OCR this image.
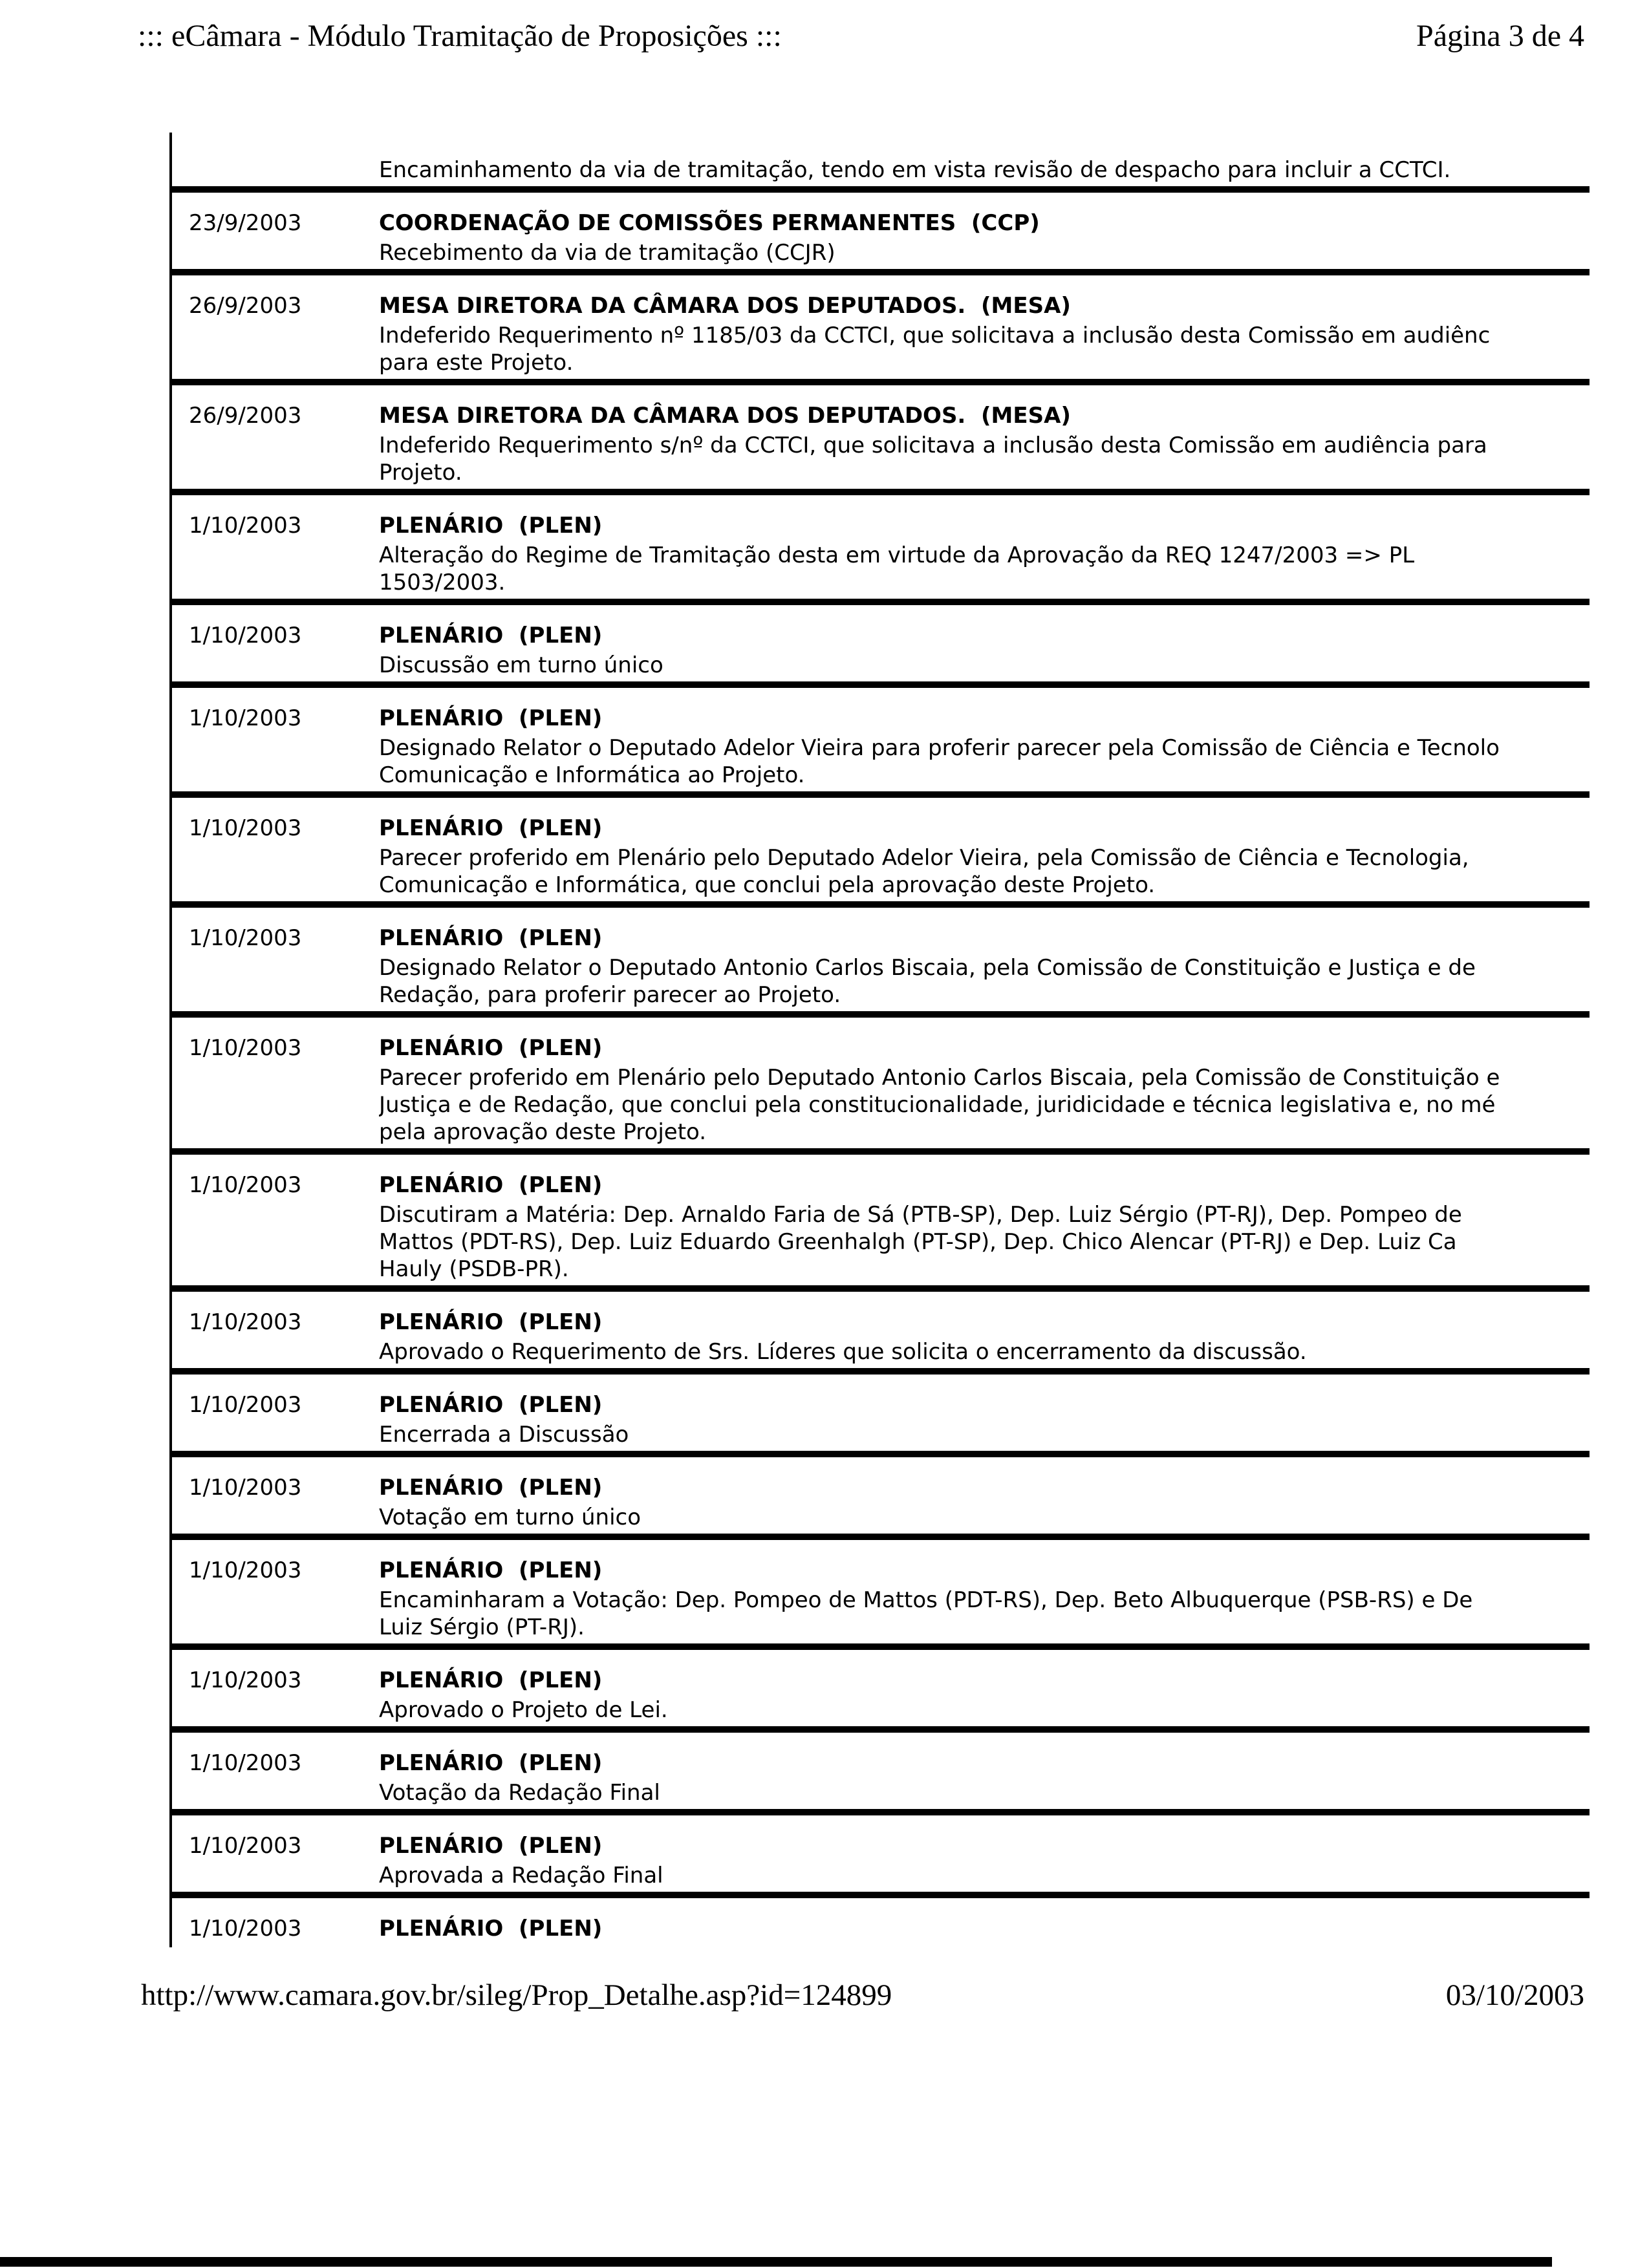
::: eCâmara - Módulo Tramitação de Proposições :::	Página 3 de 4
Encaminhamento da via de tramitação, tendo em vista revisão de despacho para incluir a CCTCI.
23/9/2003	COORDENAÇÃO DE COMISSÕES PERMANENTES  (CCP)
Recebimento da via de tramitação (CCJR)
26/9/2003	MESA DIRETORA DA CÂMARA DOS DEPUTADOS.  (MESA)
Indeferido Requerimento nº 1185/03 da CCTCI, que solicitava a inclusão desta Comissão em audiênc
para este Projeto.
26/9/2003	MESA DIRETORA DA CÂMARA DOS DEPUTADOS.  (MESA)
Indeferido Requerimento s/nº da CCTCI, que solicitava a inclusão desta Comissão em audiência para
Projeto.
1/10/2003	PLENÁRIO  (PLEN)
Alteração do Regime de Tramitação desta em virtude da Aprovação da REQ 1247/2003 => PL
1503/2003.
1/10/2003	PLENÁRIO  (PLEN)
Discussão em turno único
1/10/2003	PLENÁRIO  (PLEN)
Designado Relator o Deputado Adelor Vieira para proferir parecer pela Comissão de Ciência e Tecnolo
Comunicação e Informática ao Projeto.
1/10/2003	PLENÁRIO  (PLEN)
Parecer proferido em Plenário pelo Deputado Adelor Vieira, pela Comissão de Ciência e Tecnologia,
Comunicação e Informática, que conclui pela aprovação deste Projeto.
1/10/2003	PLENÁRIO  (PLEN)
Designado Relator o Deputado Antonio Carlos Biscaia, pela Comissão de Constituição e Justiça e de
Redação, para proferir parecer ao Projeto.
1/10/2003	PLENÁRIO  (PLEN)
Parecer proferido em Plenário pelo Deputado Antonio Carlos Biscaia, pela Comissão de Constituição e
Justiça e de Redação, que conclui pela constitucionalidade, juridicidade e técnica legislativa e, no mé
pela aprovação deste Projeto.
1/10/2003	PLENÁRIO  (PLEN)
Discutiram a Matéria: Dep. Arnaldo Faria de Sá (PTB-SP), Dep. Luiz Sérgio (PT-RJ), Dep. Pompeo de
Mattos (PDT-RS), Dep. Luiz Eduardo Greenhalgh (PT-SP), Dep. Chico Alencar (PT-RJ) e Dep. Luiz Ca
Hauly (PSDB-PR).
1/10/2003	PLENÁRIO  (PLEN)
Aprovado o Requerimento de Srs. Líderes que solicita o encerramento da discussão.
1/10/2003	PLENÁRIO  (PLEN)
Encerrada a Discussão
1/10/2003	PLENÁRIO  (PLEN)
Votação em turno único
1/10/2003	PLENÁRIO  (PLEN)
Encaminharam a Votação: Dep. Pompeo de Mattos (PDT-RS), Dep. Beto Albuquerque (PSB-RS) e De
Luiz Sérgio (PT-RJ).
1/10/2003	PLENÁRIO  (PLEN)
Aprovado o Projeto de Lei.
1/10/2003	PLENÁRIO  (PLEN)
Votação da Redação Final
1/10/2003	PLENÁRIO  (PLEN)
Aprovada a Redação Final
1/10/2003	PLENÁRIO  (PLEN)
http://www.camara.gov.br/sileg/Prop_Detalhe.asp?id=124899	03/10/2003
